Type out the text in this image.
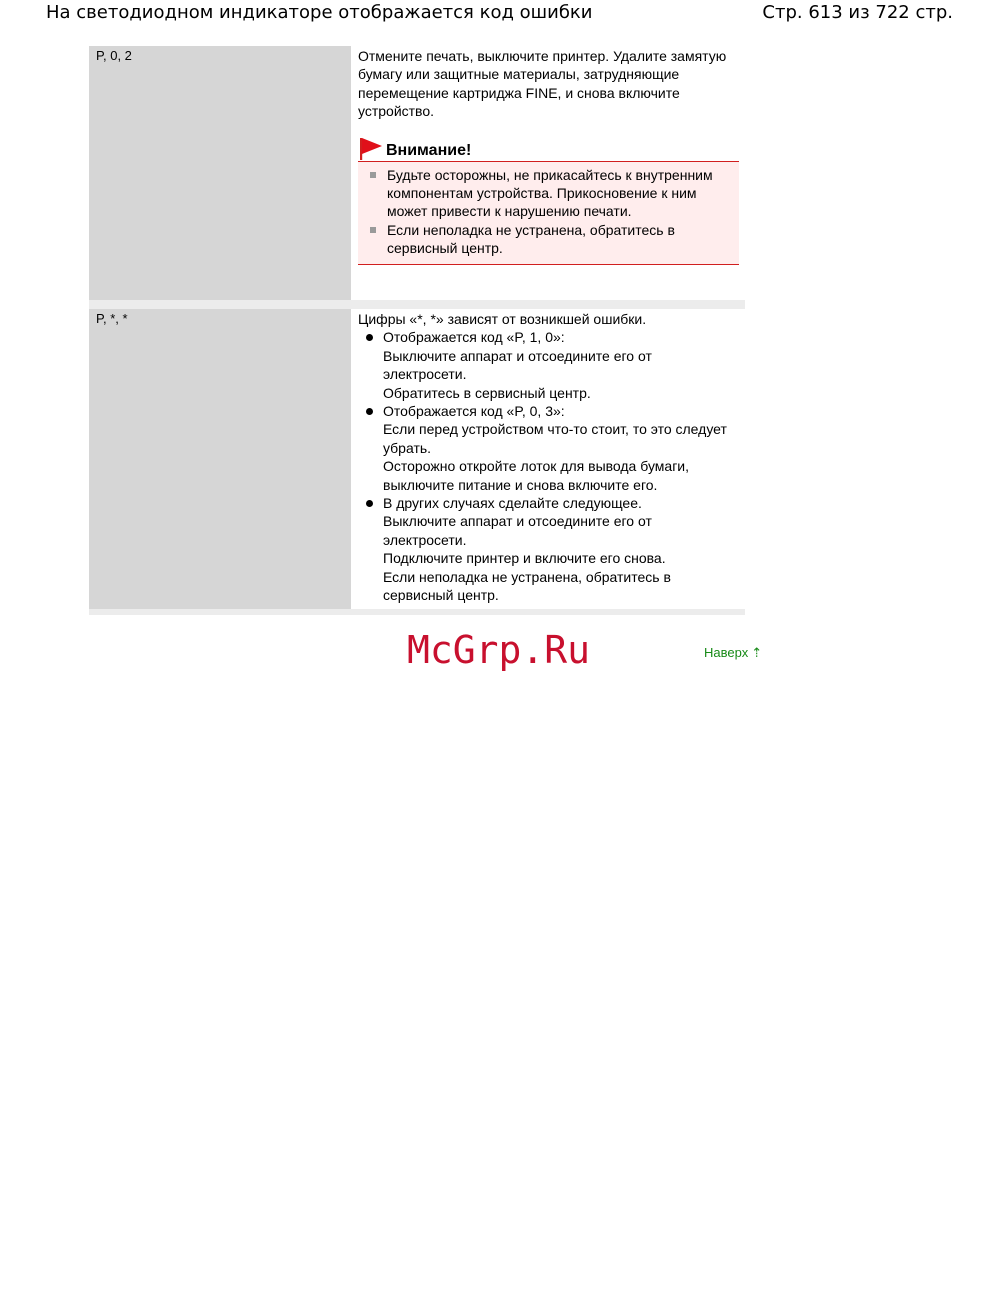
На светодиодном индикаторе отображается код ошибки	Стр. 613 из 722 стр.
P, 0, 2	Отмените печать, выключите принтер. Удалите замятую бумагу или защитные материалы, затрудняющие перемещение картриджа FINE, и снова включите устройство.

Внимание!
Будьте осторожны, не прикасайтесь к внутренним компонентам устройства. Прикосновение к ним может привести к нарушению печати.
Если неполадка не устранена, обратитесь в сервисный центр.
P, *, *	Цифры «*, *» зависят от возникшей ошибки.

Отображается код «P, 1, 0»:
Выключите аппарат и отсоедините его от электросети.
Обратитесь в сервисный центр.
Отображается код «P, 0, 3»:
Если перед устройством что-то стоит, то это следует убрать.
Осторожно откройте лоток для вывода бумаги, выключите питание и снова включите его.
В других случаях сделайте следующее.
Выключите аппарат и отсоедините его от электросети.
Подключите принтер и включите его снова.
Если неполадка не устранена, обратитесь в сервисный центр.
McGrp.Ru	Наверх ⇡
